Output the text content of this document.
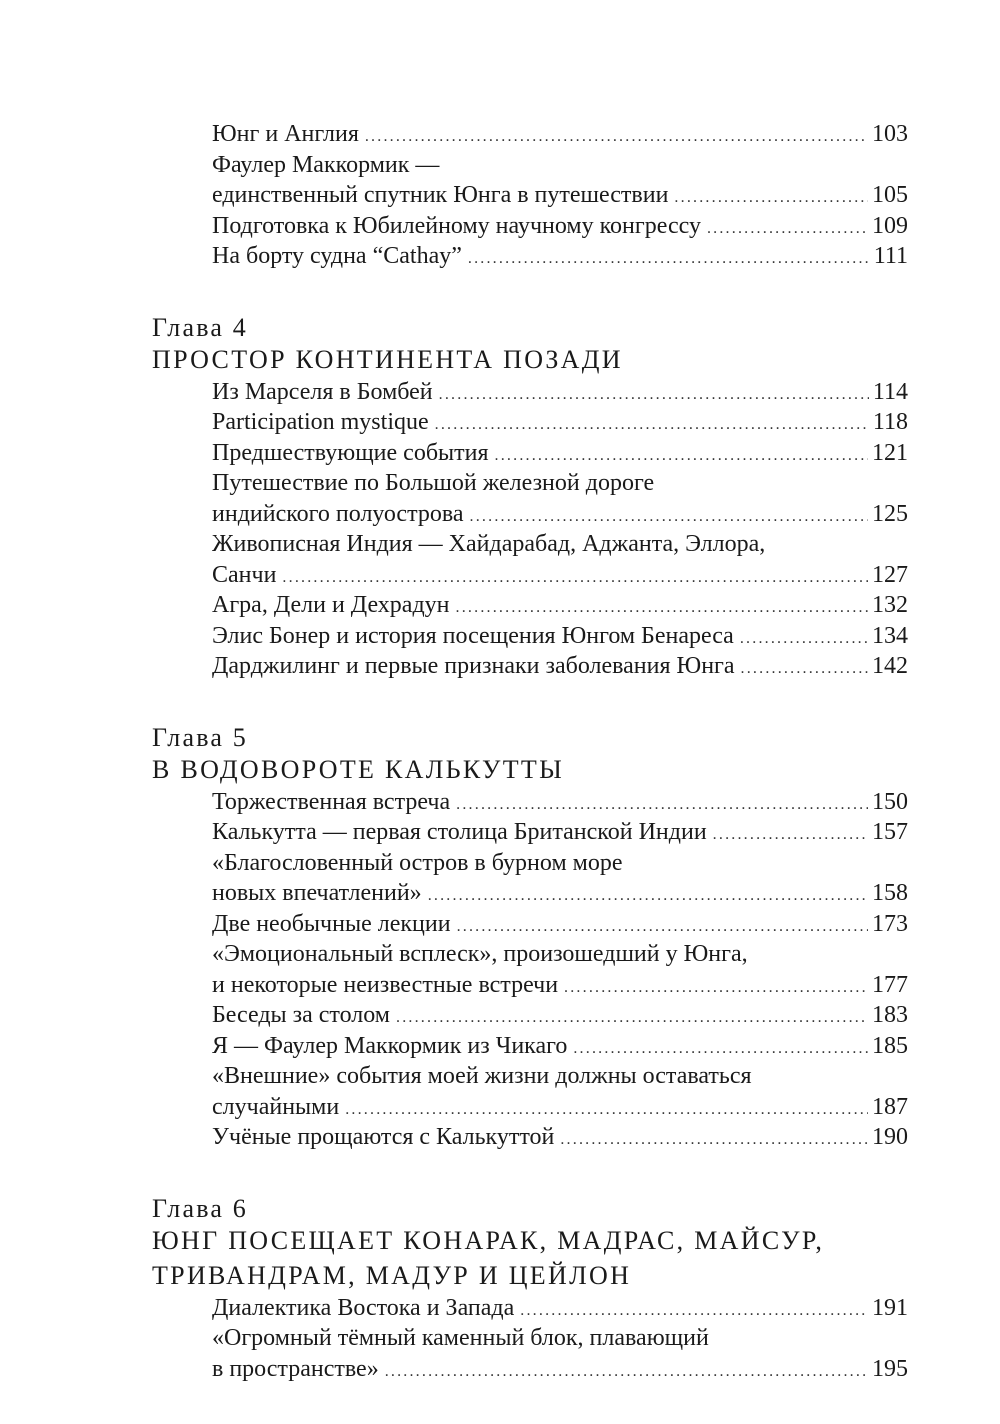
Юнг и Англия .....	103
Фаулер Маккормик —
единственный спутник Юнга в путешествии .....	105
Подготовка к Юбилейному научному конгрессу .....	109
На борту судна “Cathay” .....	111
Глава 4
ПРОСТОР КОНТИНЕНТА ПОЗАДИ
Из Марселя в Бомбей .....	114
Participation mystique .....	118
Предшествующие события .....	121
Путешествие по Большой железной дороге
индийского полуострова .....	125
Живописная Индия — Хайдарабад, Аджанта, Эллора,
Санчи .....	127
Агра, Дели и Дехрадун .....	132
Элис Бонер и история посещения Юнгом Бенареса .....	134
Дарджилинг и первые признаки заболевания Юнга .....	142
Глава 5
В ВОДОВОРОТЕ КАЛЬКУТТЫ
Торжественная встреча .....	150
Калькутта — первая столица Британской Индии .....	157
«Благословенный остров в бурном море
новых впечатлений» .....	158
Две необычные лекции .....	173
«Эмоциональный всплеск», произошедший у Юнга,
и некоторые неизвестные встречи .....	177
Беседы за столом .....	183
Я — Фаулер Маккормик из Чикаго .....	185
«Внешние» события моей жизни должны оставаться
случайными .....	187
Учёные прощаются с Калькуттой .....	190
Глава 6
ЮНГ ПОСЕЩАЕТ КОНАРАК, МАДРАС, МАЙСУР,
ТРИВАНДРАМ, МАДУР И ЦЕЙЛОН
Диалектика Востока и Запада .....	191
«Огромный тёмный каменный блок, плавающий
в пространстве» .....	195
